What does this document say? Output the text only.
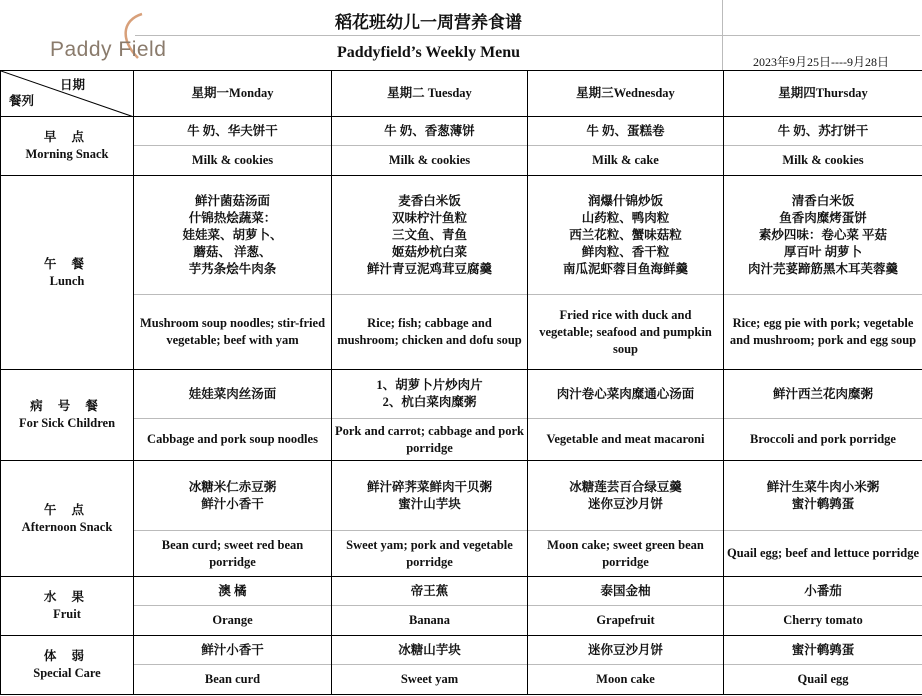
Paddy Field
稻花班幼儿一周营养食谱
Paddyfield’s Weekly Menu
2023年9月25日----9月28日
日期
餐列	星期一Monday	星期二 Tuesday	星期三Wednesday	星期四Thursday

早 点
Morning Snack	牛 奶、华夫饼干	牛 奶、香葱薄饼	牛 奶、蛋糕卷	牛 奶、苏打饼干
	Milk & cookies	Milk & cookies	Milk & cake	Milk & cookies

午 餐
Lunch	鲜汁菌菇汤面
什锦热烩蔬菜：
娃娃菜、胡萝卜、
蘑菇、 洋葱、
芋艿条烩牛肉条	麦香白米饭
双味柠汁鱼粒
三文鱼、青鱼
姬菇炒杭白菜
鲜汁青豆泥鸡茸豆腐羹	润爆什锦炒饭
山药粒、鸭肉粒
西兰花粒、蟹味菇粒
鲜肉粒、香干粒
南瓜泥虾蓉目鱼海鲜羹	清香白米饭
鱼香肉糜烤蛋饼
素炒四味：卷心菜 平菇
厚百叶 胡萝卜
肉汁芫荽蹄筋黑木耳芙蓉羹
	Mushroom soup noodles; stir-fried vegetable; beef with yam	Rice; fish; cabbage and mushroom; chicken and dofu soup	Fried rice with duck and vegetable; seafood and pumpkin soup	Rice; egg pie with pork; vegetable and mushroom; pork and egg soup

病 号 餐
For Sick Children	娃娃菜肉丝汤面	1、胡萝卜片炒肉片
2、杭白菜肉糜粥	肉汁卷心菜肉糜通心汤面	鲜汁西兰花肉糜粥
	Cabbage and pork soup noodles	Pork and carrot; cabbage and pork porridge	Vegetable and meat macaroni	Broccoli and pork porridge

午 点
Afternoon Snack	冰糖米仁赤豆粥
鲜汁小香干	鲜汁碎荠菜鲜肉干贝粥
蜜汁山芋块	冰糖莲芸百合绿豆羹
迷你豆沙月饼	鲜汁生菜牛肉小米粥
蜜汁鹌鹑蛋
	Bean curd; sweet red bean porridge	Sweet yam; pork and vegetable porridge	Moon cake; sweet green bean porridge	Quail egg; beef and lettuce porridge

水 果
Fruit	澳 橘	帝王蕉	泰国金柚	小番茄
	Orange	Banana	Grapefruit	Cherry tomato

体 弱
Special Care	鲜汁小香干	冰糖山芋块	迷你豆沙月饼	蜜汁鹌鹑蛋
	Bean curd	Sweet yam	Moon cake	Quail egg
